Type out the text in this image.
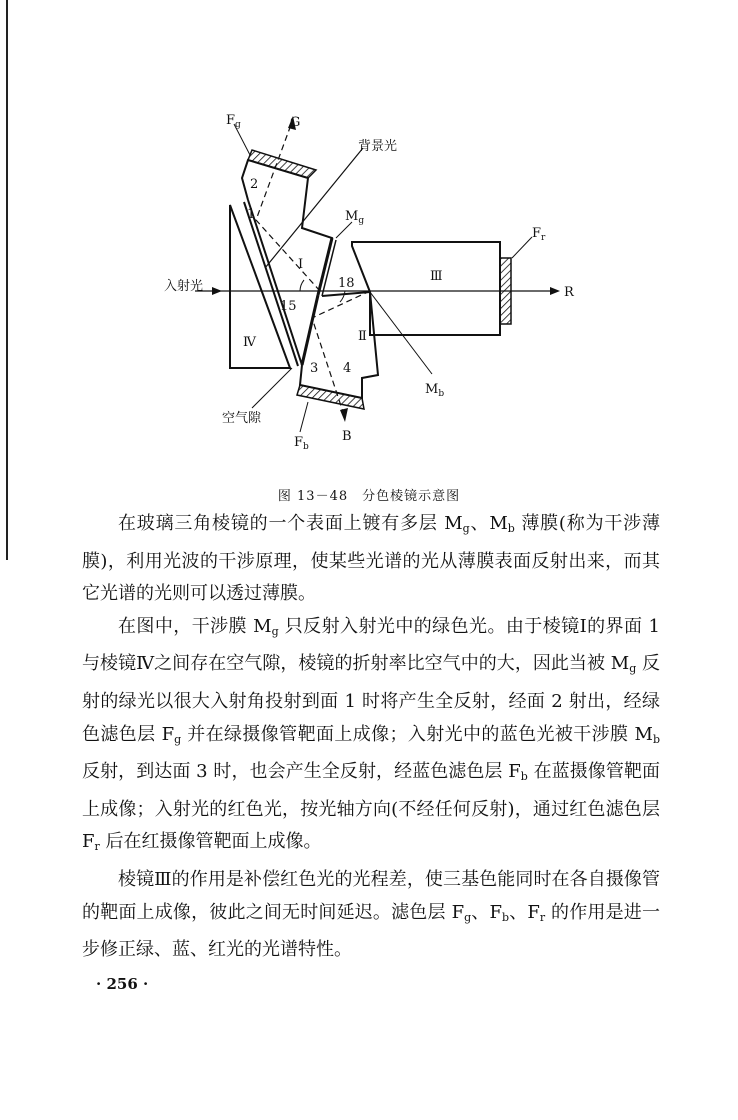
$F_g$	G
背景光
$M_g$
$F_r$
入射光	R
Ⅰ
Ⅱ
Ⅲ
Ⅳ
1
2
3 4
15
18
$M_b$
空气隙
$F_b$
B
图 13－48　分色棱镜示意图

在玻璃三角棱镜的一个表面上镀有多层 $M_g$、$M_b$ 薄膜(称为干涉薄膜)，利用光波的干涉原理，使某些光谱的光从薄膜表面反射出来，而其它光谱的光则可以透过薄膜。

在图中，干涉膜 $M_g$ 只反射入射光中的绿色光。由于棱镜Ⅰ的界面 1 与棱镜Ⅳ之间存在空气隙，棱镜的折射率比空气中的大，因此当被 $M_g$ 反射的绿光以很大入射角投射到面 1 时将产生全反射，经面 2 射出，经绿色滤色层 $F_g$ 并在绿摄像管靶面上成像；入射光中的蓝色光被干涉膜 $M_b$ 反射，到达面 3 时，也会产生全反射，经蓝色滤色层 $F_b$ 在蓝摄像管靶面上成像；入射光的红色光，按光轴方向(不经任何反射)，通过红色滤色层 $F_r$ 后在红摄像管靶面上成像。

棱镜Ⅲ的作用是补偿红色光的光程差，使三基色能同时在各自摄像管的靶面上成像，彼此之间无时间延迟。滤色层 $F_g$、$F_b$、$F_r$ 的作用是进一步修正绿、蓝、红光的光谱特性。

· 256 ·
